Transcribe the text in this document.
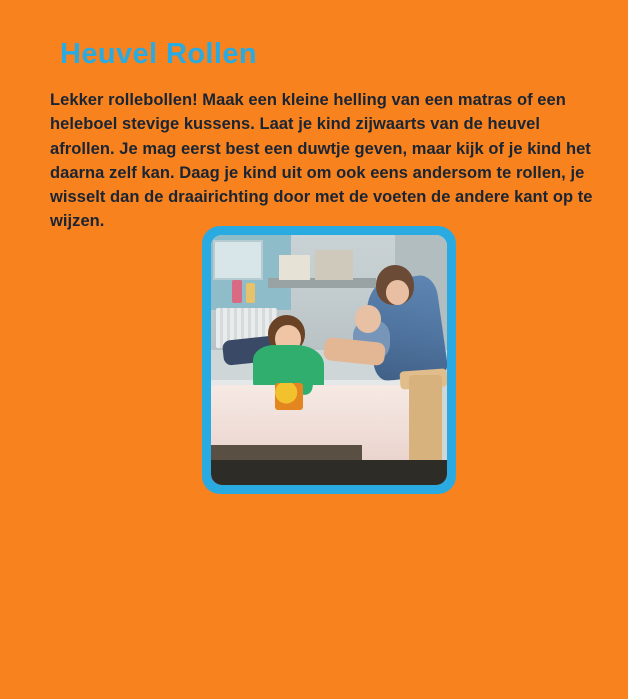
Heuvel Rollen
Lekker rollebollen! Maak een kleine helling van een matras of een heleboel stevige kussens. Laat je kind zijwaarts van de heuvel afrollen. Je mag eerst best een duwtje geven, maar kijk of je kind het daarna zelf kan. Daag je kind uit om ook eens andersom te rollen, je wisselt dan de draairichting door met de voeten de andere kant op te wijzen.
